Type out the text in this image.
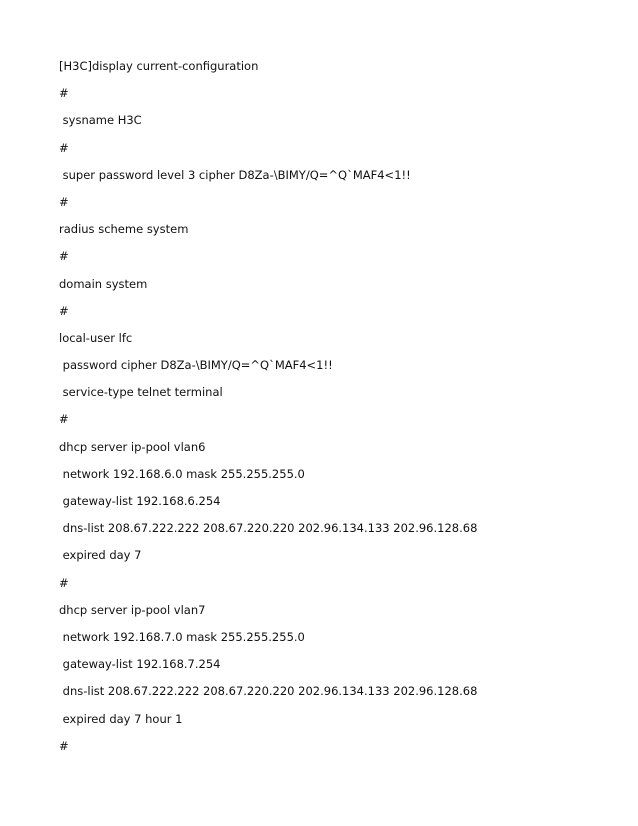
[H3C]display current-configuration
#
sysname H3C
#
super password level 3 cipher D8Za-\BIMY/Q=^Q`MAF4<1!!
#
radius scheme system
#
domain system
#
local-user lfc
password cipher D8Za-\BIMY/Q=^Q`MAF4<1!!
service-type telnet terminal
#
dhcp server ip-pool vlan6
network 192.168.6.0 mask 255.255.255.0
gateway-list 192.168.6.254
dns-list 208.67.222.222 208.67.220.220 202.96.134.133 202.96.128.68
expired day 7
#
dhcp server ip-pool vlan7
network 192.168.7.0 mask 255.255.255.0
gateway-list 192.168.7.254
dns-list 208.67.222.222 208.67.220.220 202.96.134.133 202.96.128.68
expired day 7 hour 1
#
